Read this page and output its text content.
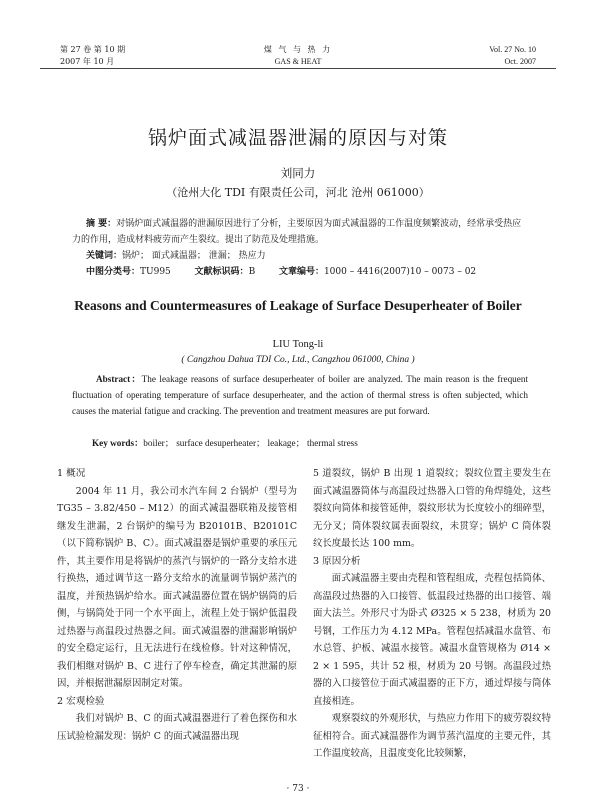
第 27 卷 第 10 期
2007 年 10 月
煤 气 与 热 力
GAS & HEAT
Vol. 27 No. 10
Oct. 2007
锅炉面式减温器泄漏的原因与对策
刘同力
（沧州大化 TDI 有限责任公司，河北 沧州 061000）
摘 要：对锅炉面式减温器的泄漏原因进行了分析，主要原因为面式减温器的工作温度频繁波动，经常承受热应力的作用，造成材料疲劳而产生裂纹。提出了防范及处理措施。
关键词：锅炉； 面式减温器； 泄漏； 热应力
中图分类号：TU995	文献标识码：B	文章编号：1000 – 4416(2007)10 – 0073 – 02
Reasons and Countermeasures of Leakage of Surface Desuperheater of Boiler
LIU Tong-li
( Cangzhou Dahua TDI Co., Ltd., Cangzhou 061000, China )
Abstract：The leakage reasons of surface desuperheater of boiler are analyzed. The main reason is the frequent fluctuation of operating temperature of surface desuperheater, and the action of thermal stress is often subjected, which causes the material fatigue and cracking. The prevention and treatment measures are put forward.
Key words：boiler； surface desuperheater； leakage； thermal stress
1 概况

2004 年 11 月，我公司水汽车间 2 台锅炉（型号为 TG35 – 3.82/450 – M12）的面式减温器联箱及接管相继发生泄漏，2 台锅炉的编号为 B20101B、B20101C（以下简称锅炉 B、C）。面式减温器是锅炉重要的承压元件，其主要作用是将锅炉的蒸汽与锅炉的一路分支给水进行换热，通过调节这一路分支给水的流量调节锅炉蒸汽的温度，并预热锅炉给水。面式减温器位置在锅炉锅筒的后侧，与锅筒处于同一个水平面上，流程上处于锅炉低温段过热器与高温段过热器之间。面式减温器的泄漏影响锅炉的安全稳定运行，且无法进行在线检修。针对这种情况，我们相继对锅炉 B、C 进行了停车检查，确定其泄漏的原因，并根据泄漏原因制定对策。

2 宏观检验

我们对锅炉 B、C 的面式减温器进行了着色探伤和水压试验检漏发现：锅炉 C 的面式减温器出现

5 道裂纹，锅炉 B 出现 1 道裂纹；裂纹位置主要发生在面式减温器筒体与高温段过热器入口管的角焊缝处，这些裂纹向筒体和接管延伸，裂纹形状为长度较小的细碎型，无分叉；筒体裂纹属表面裂纹，未贯穿；锅炉 C 筒体裂纹长度最长达 100 mm。

3 原因分析

面式减温器主要由壳程和管程组成，壳程包括筒体、高温段过热器的入口接管、低温段过热器的出口接管、端面大法兰。外形尺寸为卧式 Ø325 × 5 238，材质为 20 号钢，工作压力为 4.12 MPa。管程包括减温水盘管、布水总管、护板、减温水接管。减温水盘管规格为 Ø14 × 2 × 1 595，共计 52 根，材质为 20 号钢。高温段过热器的入口接管位于面式减温器的正下方，通过焊接与筒体直接相连。

观察裂纹的外观形状，与热应力作用下的疲劳裂纹特征相符合。面式减温器作为调节蒸汽温度的主要元件，其工作温度较高，且温度变化比较频繁，

· 73 ·
